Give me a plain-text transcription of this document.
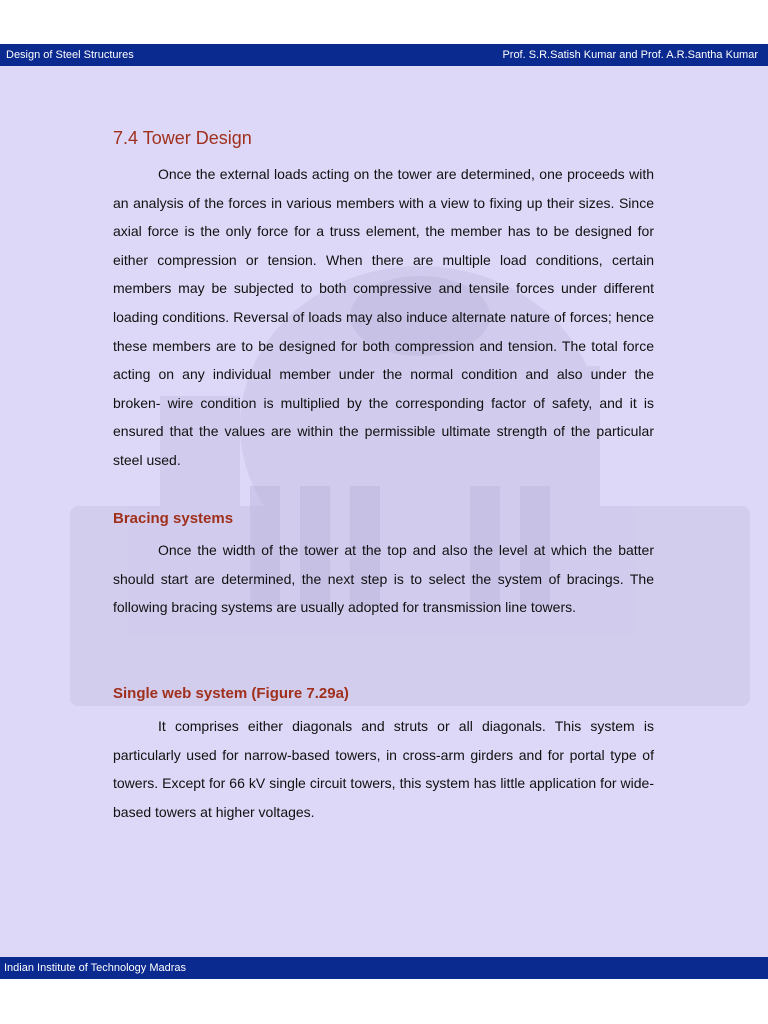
Design of Steel Structures	Prof. S.R.Satish Kumar and Prof. A.R.Santha Kumar
7.4 Tower Design

Once the external loads acting on the tower are determined, one proceeds with an analysis of the forces in various members with a view to fixing up their sizes. Since axial force is the only force for a truss element, the member has to be designed for either compression or tension. When there are multiple load conditions, certain members may be subjected to both compressive and tensile forces under different loading conditions. Reversal of loads may also induce alternate nature of forces; hence these members are to be designed for both compression and tension. The total force acting on any individual member under the normal condition and also under the broken- wire condition is multiplied by the corresponding factor of safety, and it is ensured that the values are within the permissible ultimate strength of the particular steel used.

Bracing systems

Once the width of the tower at the top and also the level at which the batter should start are determined, the next step is to select the system of bracings. The following bracing systems are usually adopted for transmission line towers.

Single web system (Figure 7.29a)

It comprises either diagonals and struts or all diagonals. This system is particularly used for narrow-based towers, in cross-arm girders and for portal type of towers. Except for 66 kV single circuit towers, this system has little application for wide-based towers at higher voltages.

Indian Institute of Technology Madras
